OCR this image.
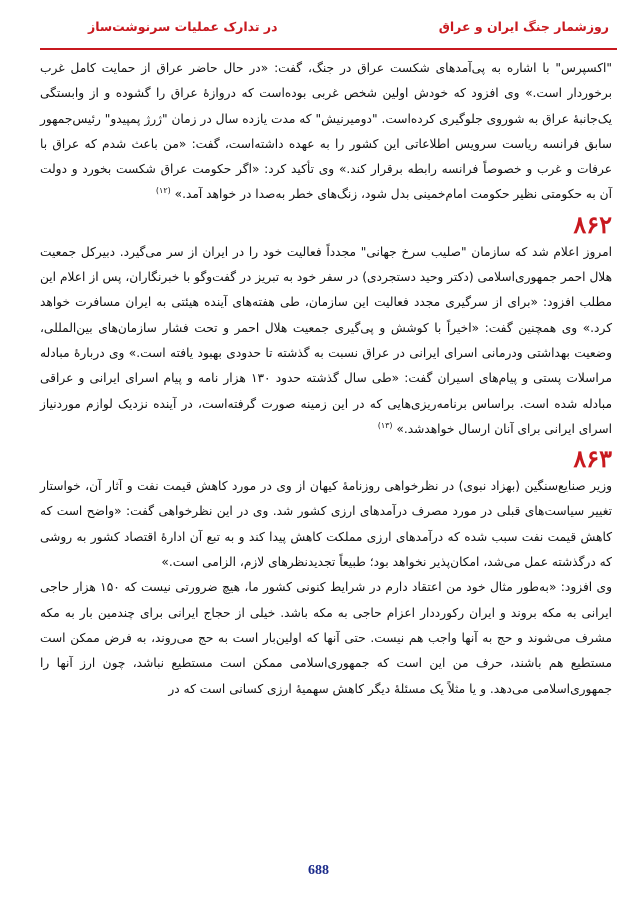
روزشمار جنگ ایران و عراق
در تدارک عملیات سرنوشت‌ساز

"اکسپرس" با اشاره به پی‌آمدهای شکست عراق در جنگ، گفت: «در حال حاضر عراق از حمایت کامل غرب برخوردار است.» وی افزود که خودش اولین شخص غربی بوده‌است که دروازهٔ عراق را گشوده و از وابستگی یک‌جانبهٔ عراق به شوروی جلوگیری کرده‌است. "دومیرنیش" که مدت یازده سال در زمان "ژرژ پمپیدو" رئیس‌جمهور سابق فرانسه ریاست سرویس اطلاعاتی این کشور را به عهده داشته‌است، گفت: «من باعث شدم که عراق با عرفات و غرب و خصوصاً فرانسه رابطه برقرار کند.» وی تأکید کرد: «اگر حکومت عراق شکست بخورد و دولت آن به حکومتی نظیر حکومت امام‌خمینی بدل شود، زنگ‌های خطر به‌صدا در خواهد آمد.» $^{(۱۲)}$

۸۶۲

امروز اعلام شد که سازمان "صلیب سرخ جهانی" مجدداً فعالیت خود را در ایران از سر می‌گیرد. دبیرکل جمعیت هلال احمر جمهوری‌اسلامی (دکتر وحید دستجردی) در سفر خود به تبریز در گفت‌وگو با خبرنگاران، پس از اعلام این مطلب افزود: «برای از سرگیری مجدد فعالیت این سازمان، طی هفته‌های آینده هیئتی به ایران مسافرت خواهد کرد.» وی همچنین گفت: «اخیراً با کوشش و پی‌گیری جمعیت هلال احمر و تحت فشار سازمان‌های بین‌المللی، وضعیت بهداشتی ودرمانی اسرای ایرانی در عراق نسبت به گذشته تا حدودی بهبود یافته است.» وی دربارهٔ مبادله مراسلات پستی و پیام‌های اسیران گفت: «طی سال گذشته حدود ۱۳۰ هزار نامه و پیام اسرای ایرانی و عراقی مبادله شده است. براساس برنامه‌ریزی‌هایی که در این زمینه صورت گرفته‌است، در آینده نزدیک لوازم موردنیاز اسرای ایرانی برای آنان ارسال خواهدشد.» $^{(۱۳)}$

۸۶۳

وزیر صنایع‌سنگین (بهزاد نبوی) در نظرخواهی روزنامهٔ کیهان از وی در مورد کاهش قیمت نفت و آثار آن، خواستار تغییر سیاست‌های قبلی در مورد مصرف درآمدهای ارزی کشور شد. وی در این نظرخواهی گفت: «واضح است که کاهش قیمت نفت سبب شده که درآمدهای ارزی مملکت کاهش پیدا کند و به تبع آن ادارهٔ اقتصاد کشور به روشی که درگذشته عمل می‌شد، امکان‌پذیر نخواهد بود؛ طبیعاً تجدیدنظرهای لازم، الزامی است.»

وی افزود: «به‌طور مثال خود من اعتقاد دارم در شرایط کنونی کشور ما، هیچ ضرورتی نیست که ۱۵۰ هزار حاجی ایرانی به مکه بروند و ایران رکورددار اعزام حاجی به مکه باشد. خیلی از حجاج ایرانی برای چندمین بار به مکه مشرف می‌شوند و حج به آنها واجب هم نیست. حتی آنها که اولین‌بار است به حج می‌روند، به فرض ممکن است مستطیع هم باشند، حرف من این است که جمهوری‌اسلامی ممکن است مستطیع نباشد، چون ارز آنها را جمهوری‌اسلامی می‌دهد. و یا مثلاً یک مسئلهٔ دیگر کاهش سهمیهٔ ارزی کسانی است که در

688
